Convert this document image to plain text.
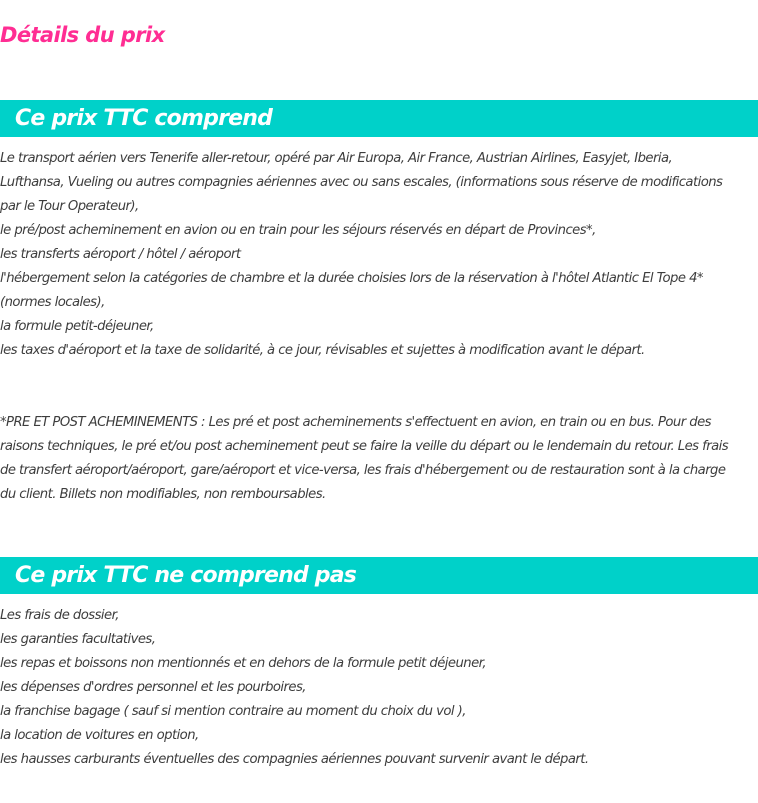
Détails du prix
Ce prix TTC comprend
Le transport aérien vers Tenerife aller-retour, opéré par Air Europa, Air France, Austrian Airlines, Easyjet, Iberia,
Lufthansa, Vueling ou autres compagnies aériennes avec ou sans escales, (informations sous réserve de modifications
par le Tour Operateur),
le pré/post acheminement en avion ou en train pour les séjours réservés en départ de Provinces*,
les transferts aéroport / hôtel / aéroport
l'hébergement selon la catégories de chambre et la durée choisies lors de la réservation à l'hôtel Atlantic El Tope 4*
(normes locales),
la formule petit-déjeuner,
les taxes d'aéroport et la taxe de solidarité, à ce jour, révisables et sujettes à modification avant le départ.
*PRE ET POST ACHEMINEMENTS : Les pré et post acheminements s'effectuent en avion, en train ou en bus. Pour des
raisons techniques, le pré et/ou post acheminement peut se faire la veille du départ ou le lendemain du retour. Les frais
de transfert aéroport/aéroport, gare/aéroport et vice-versa, les frais d'hébergement ou de restauration sont à la charge
du client. Billets non modifiables, non remboursables.
Ce prix TTC ne comprend pas
Les frais de dossier,
les garanties facultatives,
les repas et boissons non mentionnés et en dehors de la formule petit déjeuner,
les dépenses d'ordres personnel et les pourboires,
la franchise bagage ( sauf si mention contraire au moment du choix du vol ),
la location de voitures en option,
les hausses carburants éventuelles des compagnies aériennes pouvant survenir avant le départ.
